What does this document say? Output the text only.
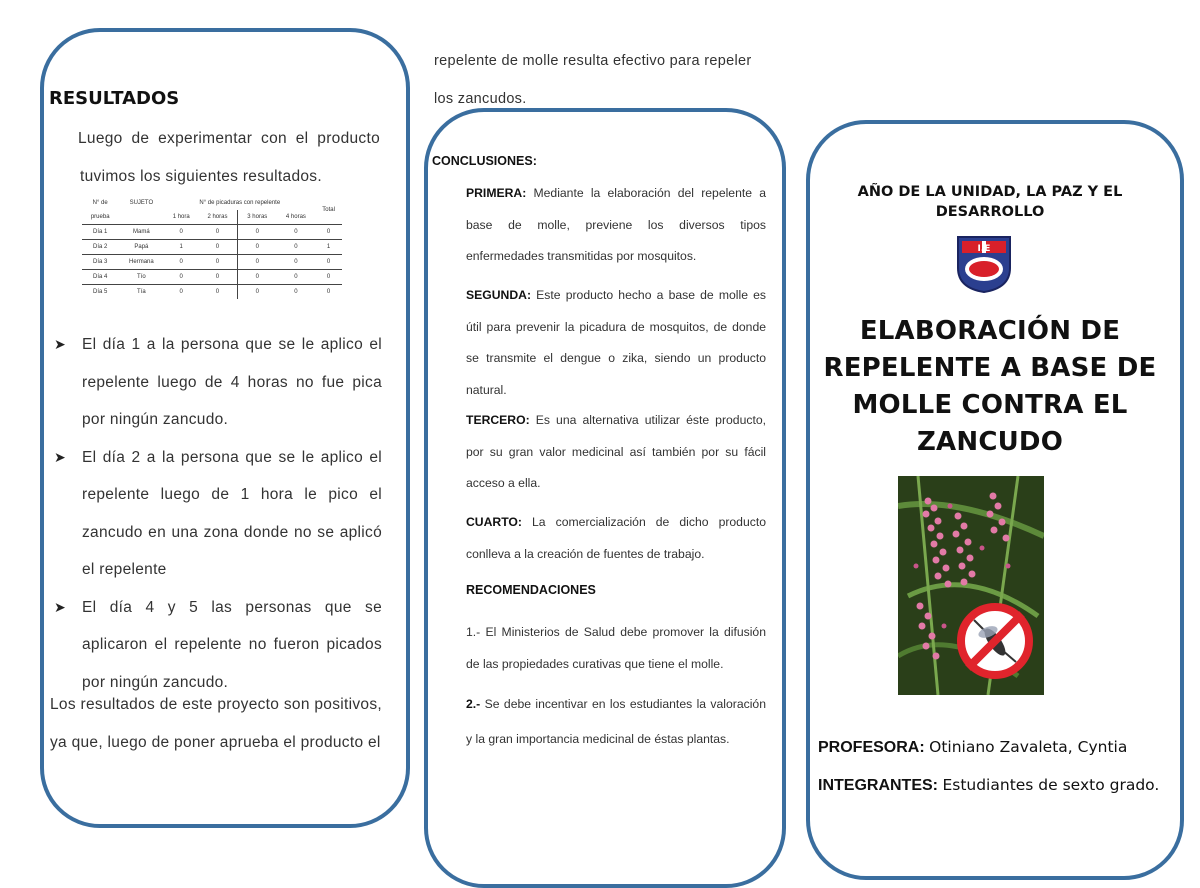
RESULTADOS

Luego de experimentar con el producto tuvimos los siguientes resultados.

N° de	SUJETO	N° de picaduras con repelente				Total
prueba		1 hora	2 horas	3 horas	4 horas	
Día 1	Mamá	0	0	0	0	0
Día 2	Papá	1	0	0	0	1
Día 3	Hermana	0	0	0	0	0
Día 4	Tío	0	0	0	0	0
Día 5	Tía	0	0	0	0	0
➤ El día 1 a la persona que se le aplico el repelente luego de 4 horas no fue pica por ningún zancudo.
➤ El día 2 a la persona que se le aplico el repelente luego de 1 hora le pico el zancudo en una zona donde no se aplicó el repelente
➤ El día 4 y 5 las personas que se aplicaron el repelente no fueron picados por ningún zancudo.

Los resultados de este proyecto son positivos, ya que, luego de poner aprueba el producto el

repelente de molle resulta efectivo para repeler los zancudos.

CONCLUSIONES:

PRIMERA: Mediante la elaboración del repelente a base de molle, previene los diversos tipos enfermedades transmitidas por mosquitos.

SEGUNDA: Este producto hecho a base de molle es útil para prevenir la picadura de mosquitos, de donde se transmite el dengue o zika, siendo un producto natural.

TERCERO: Es una alternativa utilizar éste producto, por su gran valor medicinal así también por su fácil acceso a ella.

CUARTO: La comercialización de dicho producto conlleva a la creación de fuentes de trabajo.

RECOMENDACIONES

1.- El Ministerios de Salud debe promover la difusión de las propiedades curativas que tiene el molle.

2.- Se debe incentivar en los estudiantes la valoración y la gran importancia medicinal de éstas plantas.

AÑO DE LA UNIDAD, LA PAZ Y EL DESARROLLO
I.E
ELABORACIÓN DE REPELENTE A BASE DE MOLLE CONTRA EL ZANCUDO
PROFESORA: Otiniano Zavaleta, Cyntia
INTEGRANTES: Estudiantes de sexto grado.
